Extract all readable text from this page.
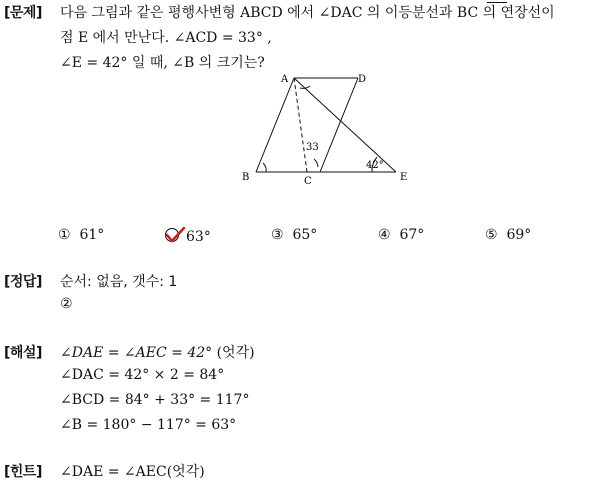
[문제] 다음 그림과 같은 평행사변형 ABCD 에서 ∠DAC 의 이등분선과 BC 의 연장선이
점 E 에서 만난다. ∠ACD = 33° ,
∠E = 42° 일 때, ∠B 의 크기는?
A	D
B	C	E
33
42°
① 61°	63°	③ 65°	④ 67°	⑤ 69°
[정답] 순서: 없음, 갯수: 1
②
[해설] ∠DAE = ∠AEC = 42° (엇각)
∠DAC = 42° × 2 = 84°
∠BCD = 84° + 33° = 117°
∠B = 180° − 117° = 63°
[힌트] ∠DAE = ∠AEC(엇각)
